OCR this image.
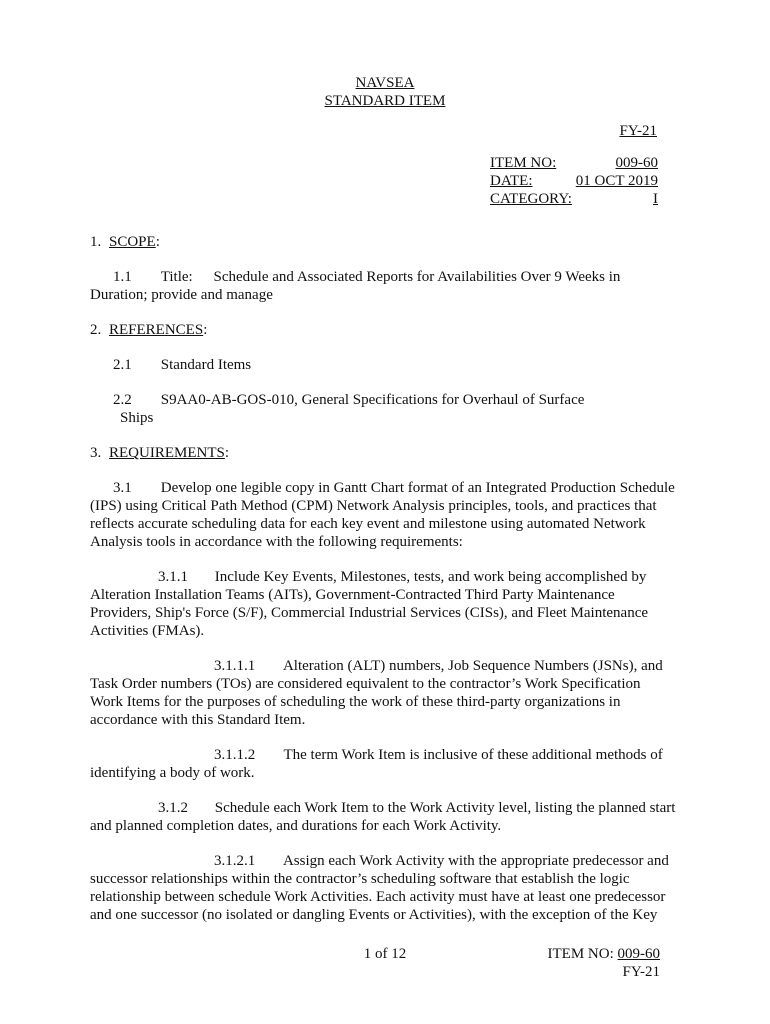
NAVSEA
STANDARD ITEM
FY-21
ITEM NO:	009-60
DATE:	01 OCT 2019
CATEGORY:	I
1. SCOPE:
1.1 Title: Schedule and Associated Reports for Availabilities Over 9 Weeks in
Duration; provide and manage
2. REFERENCES:
2.1 Standard Items
2.2 S9AA0-AB-GOS-010, General Specifications for Overhaul of Surface
Ships
3. REQUIREMENTS:
3.1 Develop one legible copy in Gantt Chart format of an Integrated Production Schedule
(IPS) using Critical Path Method (CPM) Network Analysis principles, tools, and practices that
reflects accurate scheduling data for each key event and milestone using automated Network
Analysis tools in accordance with the following requirements:
3.1.1 Include Key Events, Milestones, tests, and work being accomplished by
Alteration Installation Teams (AITs), Government-Contracted Third Party Maintenance
Providers, Ship's Force (S/F), Commercial Industrial Services (CISs), and Fleet Maintenance
Activities (FMAs).
3.1.1.1 Alteration (ALT) numbers, Job Sequence Numbers (JSNs), and
Task Order numbers (TOs) are considered equivalent to the contractor’s Work Specification
Work Items for the purposes of scheduling the work of these third-party organizations in
accordance with this Standard Item.
3.1.1.2 The term Work Item is inclusive of these additional methods of
identifying a body of work.
3.1.2 Schedule each Work Item to the Work Activity level, listing the planned start
and planned completion dates, and durations for each Work Activity.
3.1.2.1 Assign each Work Activity with the appropriate predecessor and
successor relationships within the contractor’s scheduling software that establish the logic
relationship between schedule Work Activities. Each activity must have at least one predecessor
and one successor (no isolated or dangling Events or Activities), with the exception of the Key
1 of 12	ITEM NO: 009-60
FY-21
